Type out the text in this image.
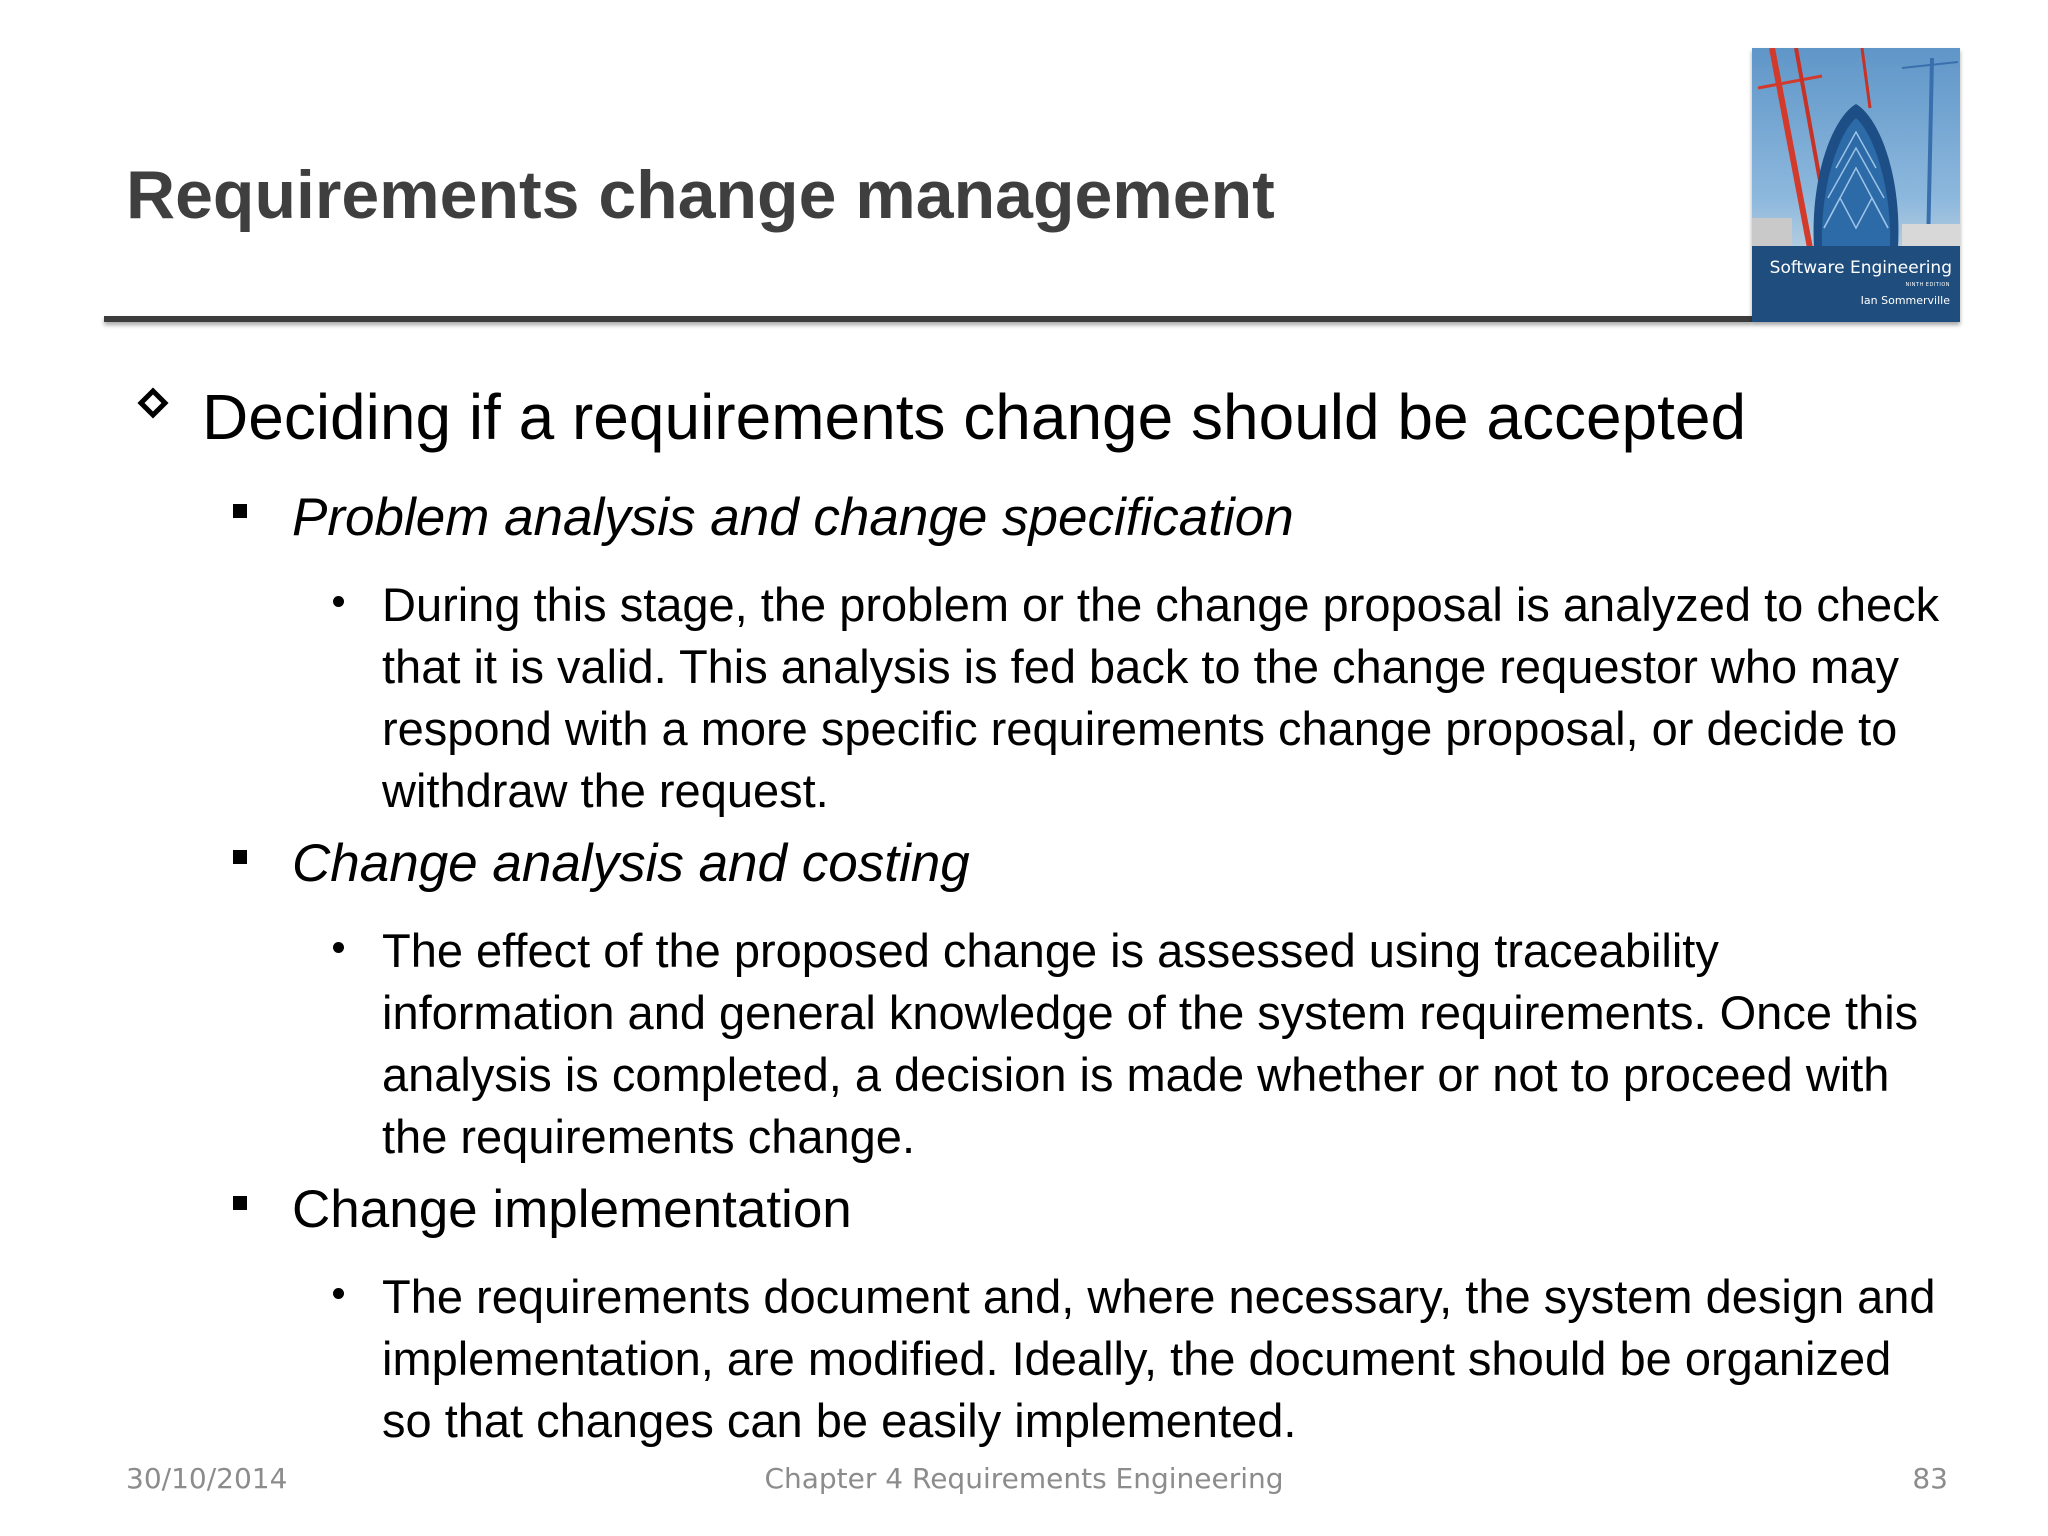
Requirements change management
Software Engineering
NINTH EDITION
Ian Sommerville
Deciding if a requirements change should be accepted
Problem analysis and change specification

During this stage, the problem or the change proposal is analyzed to check that it is valid. This analysis is fed back to the change requestor who may respond with a more specific requirements change proposal, or decide to withdraw the request.

Change analysis and costing

The effect of the proposed change is assessed using traceability information and general knowledge of the system requirements. Once this analysis is completed, a decision is made whether or not to proceed with the requirements change.

Change implementation

The requirements document and, where necessary, the system design and implementation, are modified. Ideally, the document should be organized so that changes can be easily implemented.

30/10/2014	Chapter 4 Requirements Engineering	83
